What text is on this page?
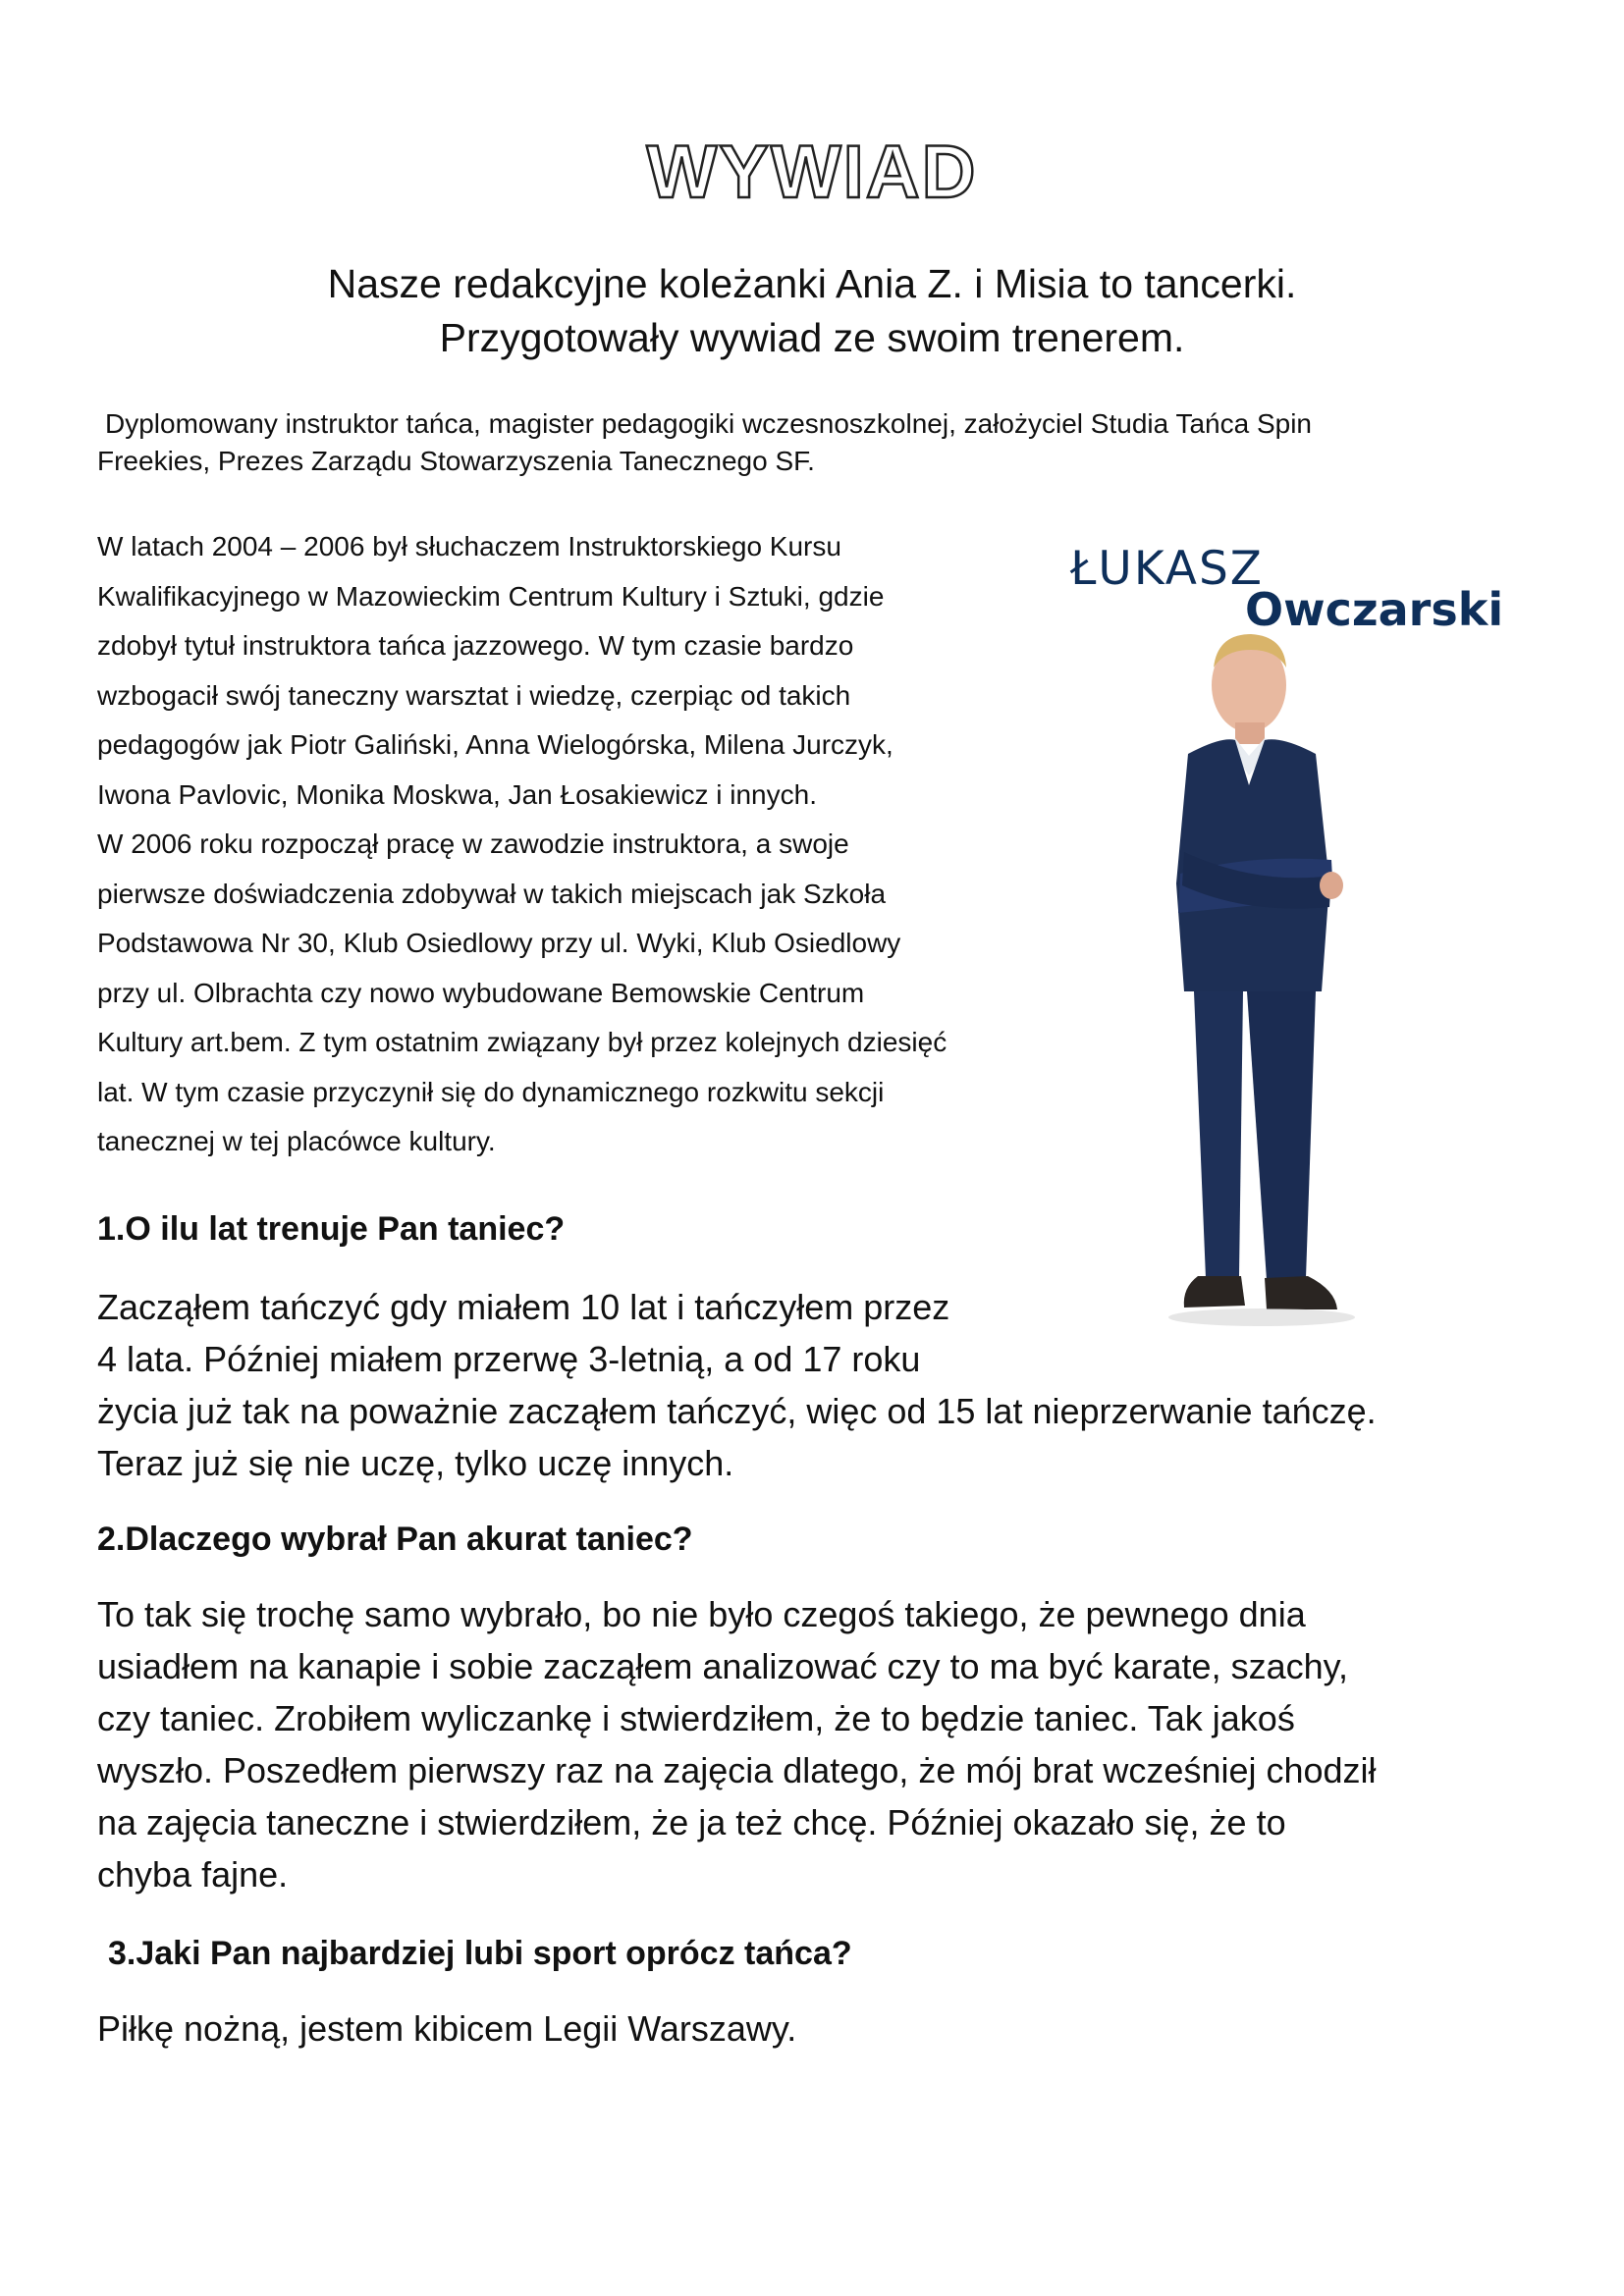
WYWIAD
Nasze redakcyjne koleżanki Ania Z. i Misia to tancerki.
Przygotowały wywiad ze swoim trenerem.

Dyplomowany instruktor tańca, magister pedagogiki wczesnoszkolnej, założyciel Studia Tańca Spin

Freekies, Prezes Zarządu Stowarzyszenia Tanecznego SF.

W latach 2004 – 2006 był słuchaczem Instruktorskiego Kursu

Kwalifikacyjnego w Mazowieckim Centrum Kultury i Sztuki, gdzie

zdobył tytuł instruktora tańca jazzowego. W tym czasie bardzo

wzbogacił swój taneczny warsztat i wiedzę, czerpiąc od takich

pedagogów jak Piotr Galiński, Anna Wielogórska, Milena Jurczyk,

Iwona Pavlovic, Monika Moskwa, Jan Łosakiewicz i innych.

W 2006 roku rozpoczął pracę w zawodzie instruktora, a swoje

pierwsze doświadczenia zdobywał w takich miejscach jak Szkoła

Podstawowa Nr 30, Klub Osiedlowy przy ul. Wyki, Klub Osiedlowy

przy ul. Olbrachta czy nowo wybudowane Bemowskie Centrum

Kultury art.bem. Z tym ostatnim związany był przez kolejnych dziesięć

lat. W tym czasie przyczynił się do dynamicznego rozkwitu sekcji

tanecznej w tej placówce kultury.

ŁUKASZ
Owczarski

1.O ilu lat trenuje Pan taniec?

Zacząłem tańczyć gdy miałem 10 lat i tańczyłem przez
4 lata. Później miałem przerwę 3-letnią, a od 17 roku
życia już tak na poważnie zacząłem tańczyć, więc od 15 lat nieprzerwanie tańczę.
Teraz już się nie uczę, tylko uczę innych.

2.Dlaczego wybrał Pan akurat taniec?

To tak się trochę samo wybrało, bo nie było czegoś takiego, że pewnego dnia
usiadłem na kanapie i sobie zacząłem analizować czy to ma być karate, szachy,
czy taniec. Zrobiłem wyliczankę i stwierdziłem, że to będzie taniec. Tak jakoś
wyszło. Poszedłem pierwszy raz na zajęcia dlatego, że mój brat wcześniej chodził
na zajęcia taneczne i stwierdziłem, że ja też chcę. Później okazało się, że to
chyba fajne.

3.Jaki Pan najbardziej lubi sport oprócz tańca?

Piłkę nożną, jestem kibicem Legii Warszawy.
